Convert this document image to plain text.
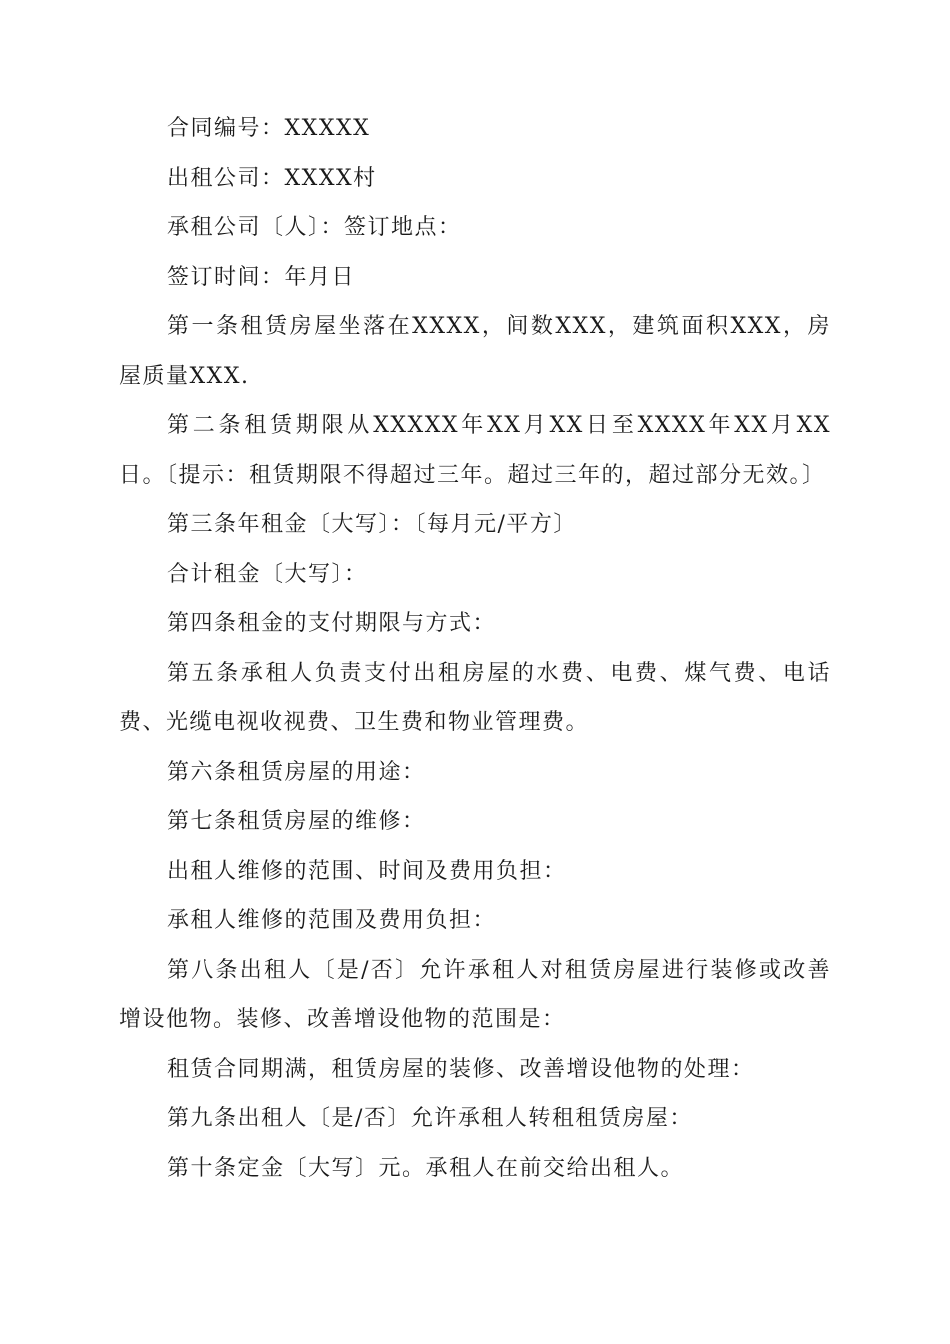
合同编号：XXXXX

出租公司：XXXX村

承租公司〔人〕：签订地点：

签订时间：年月日

第一条租赁房屋坐落在XXXX，间数XXX，建筑面积XXX，房屋质量XXX.

第二条租赁期限从XXXXX年XX月XX日至XXXX年XX月XX日。〔提示：租赁期限不得超过三年。超过三年的，超过部分无效。〕

第三条年租金〔大写〕：〔每月元/平方〕

合计租金〔大写〕：

第四条租金的支付期限与方式：

第五条承租人负责支付出租房屋的水费、电费、煤气费、电话费、光缆电视收视费、卫生费和物业管理费。

第六条租赁房屋的用途：

第七条租赁房屋的维修：

出租人维修的范围、时间及费用负担：

承租人维修的范围及费用负担：

第八条出租人〔是/否〕允许承租人对租赁房屋进行装修或改善增设他物。装修、改善增设他物的范围是：

租赁合同期满，租赁房屋的装修、改善增设他物的处理：

第九条出租人〔是/否〕允许承租人转租租赁房屋：

第十条定金〔大写〕元。承租人在前交给出租人。
